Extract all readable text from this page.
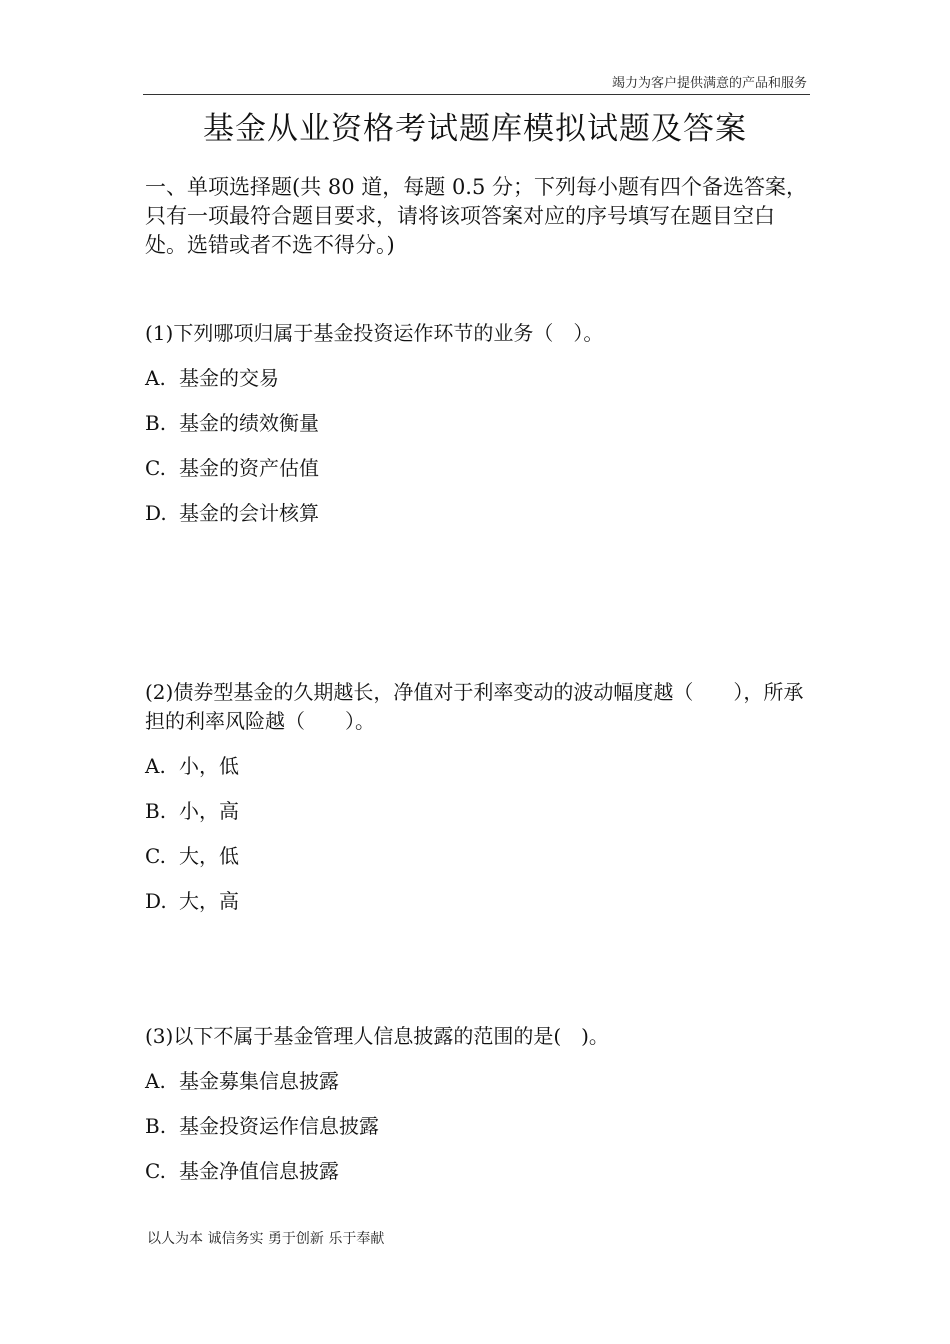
竭力为客户提供满意的产品和服务
基金从业资格考试题库模拟试题及答案

一、单项选择题(共 80 道，每题 0.5 分；下列每小题有四个备选答案，只有一项最符合题目要求，请将该项答案对应的序号填写在题目空白处。选错或者不选不得分。)

(1)下列哪项归属于基金投资运作环节的业务（　）。

A. 基金的交易
B. 基金的绩效衡量
C. 基金的资产估值
D. 基金的会计核算

(2)债券型基金的久期越长，净值对于利率变动的波动幅度越（　　），所承担的利率风险越（　　）。

A. 小，低
B. 小，高
C. 大，低
D. 大，高

(3)以下不属于基金管理人信息披露的范围的是(　)。

A. 基金募集信息披露
B. 基金投资运作信息披露
C. 基金净值信息披露
以人为本 诚信务实 勇于创新 乐于奉献
